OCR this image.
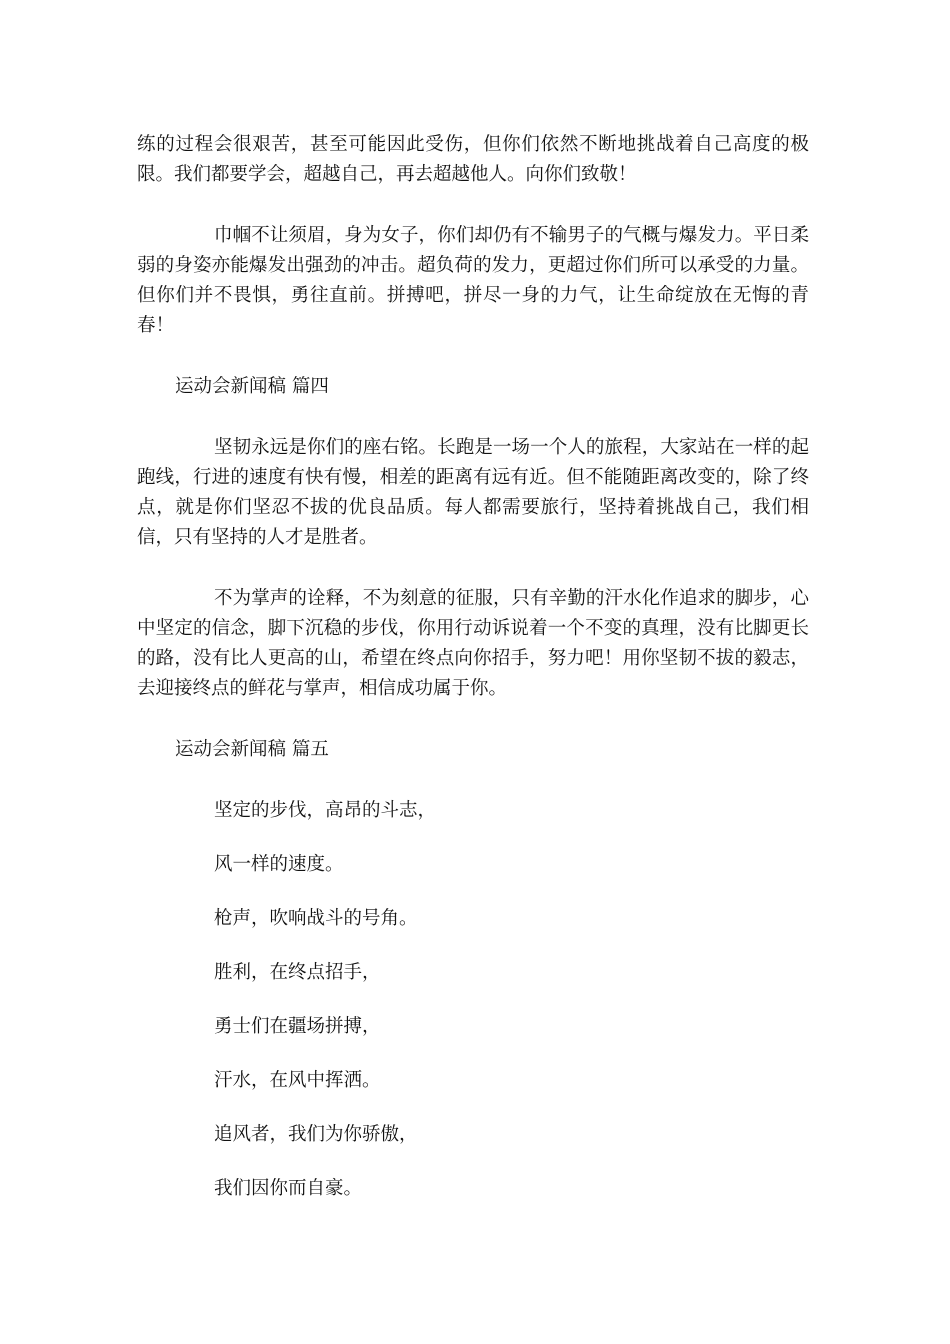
练的过程会很艰苦，甚至可能因此受伤，但你们依然不断地挑战着自己高度的极限。我们都要学会，超越自己，再去超越他人。向你们致敬！

巾帼不让须眉，身为女子，你们却仍有不输男子的气概与爆发力。平日柔弱的身姿亦能爆发出强劲的冲击。超负荷的发力，更超过你们所可以承受的力量。但你们并不畏惧，勇往直前。拼搏吧，拼尽一身的力气，让生命绽放在无悔的青春！

运动会新闻稿 篇四

坚韧永远是你们的座右铭。长跑是一场一个人的旅程，大家站在一样的起跑线，行进的速度有快有慢，相差的距离有远有近。但不能随距离改变的，除了终点，就是你们坚忍不拔的优良品质。每人都需要旅行，坚持着挑战自己，我们相信，只有坚持的人才是胜者。

不为掌声的诠释，不为刻意的征服，只有辛勤的汗水化作追求的脚步，心中坚定的信念，脚下沉稳的步伐，你用行动诉说着一个不变的真理，没有比脚更长的路，没有比人更高的山，希望在终点向你招手，努力吧！用你坚韧不拔的毅志，去迎接终点的鲜花与掌声，相信成功属于你。

运动会新闻稿 篇五
坚定的步伐，高昂的斗志，
风一样的速度。
枪声，吹响战斗的号角。
胜利，在终点招手，
勇士们在疆场拼搏，
汗水，在风中挥洒。
追风者，我们为你骄傲，
我们因你而自豪。
